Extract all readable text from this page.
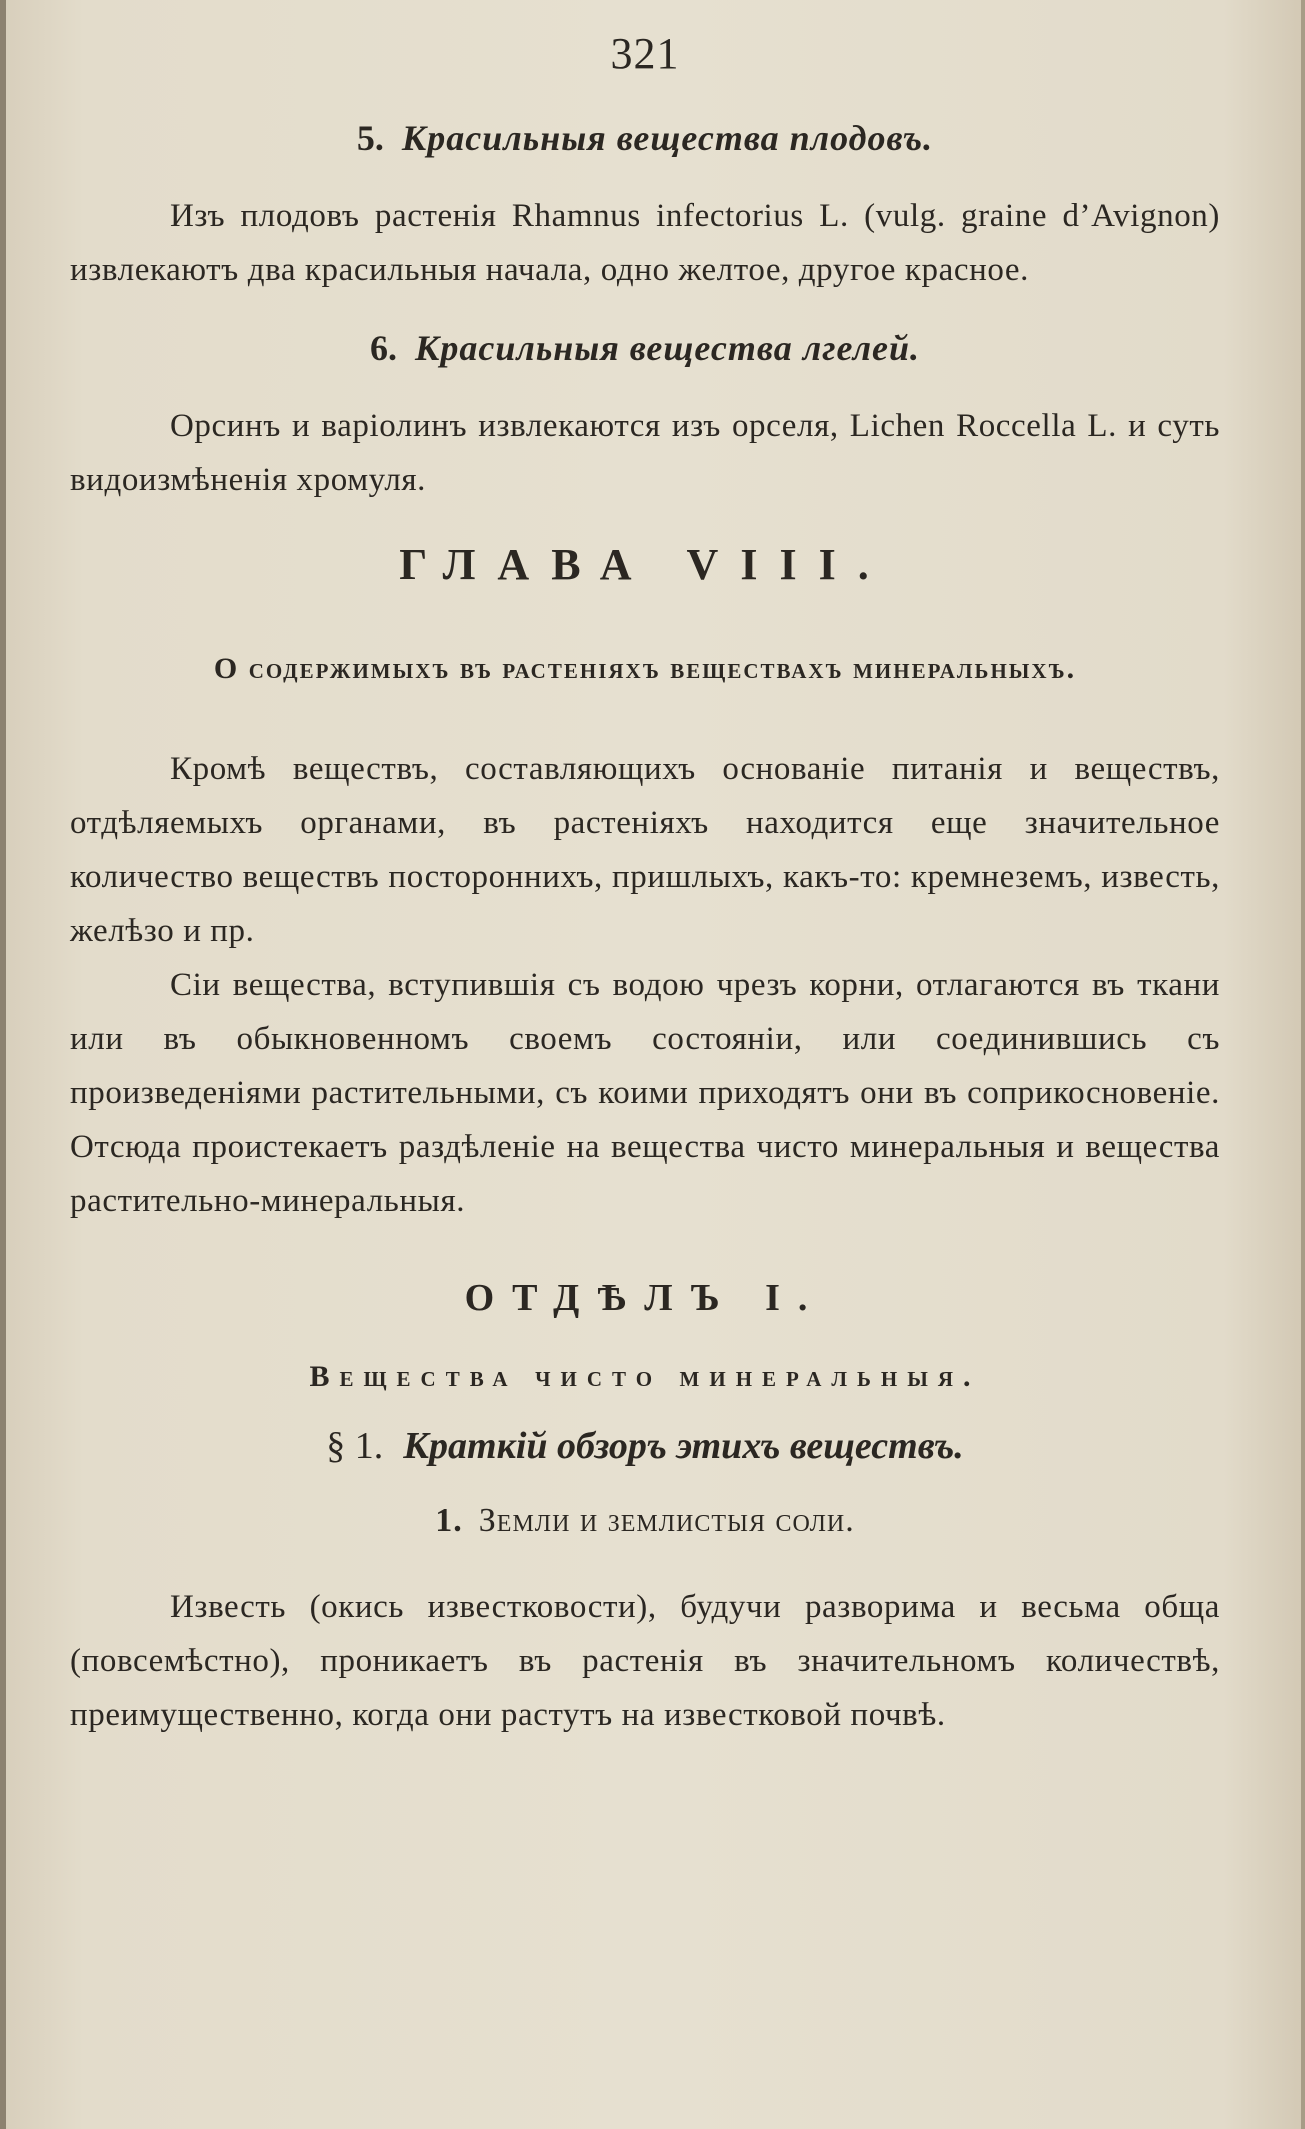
321
5. Красильныя вещества плодовъ.

Изъ плодовъ растенія Rhamnus infectorius L. (vulg. graine d’Avignon) извлекаютъ два красильныя начала, одно желтое, другое красное.

6. Красильныя вещества лгелей.

Орсинъ и варіолинъ извлекаются изъ орселя, Lichen Roccella L. и суть видоизмѣненія хромуля.

ГЛАВА VIII.
О содержимыхъ въ растеніяхъ веществахъ минеральныхъ.

Кромѣ веществъ, составляющихъ основаніе питанія и веществъ, отдѣляемыхъ органами, въ растеніяхъ находится еще значительное количество веществъ постороннихъ, пришлыхъ, какъ-то: кремнеземъ, известь, желѣзо и пр.

Сіи вещества, вступившія съ водою чрезъ корни, отлагаются въ ткани или въ обыкновенномъ своемъ состояніи, или соединившись съ произведеніями растительными, съ коими приходятъ они въ соприкосновеніе. Отсюда проистекаетъ раздѣленіе на вещества чисто минеральныя и вещества растительно-минеральныя.

ОТДѢЛЪ I.
Вещества чисто минеральныя.
§ 1. Краткій обзоръ этихъ веществъ.
1. Земли и землистыя соли.

Известь (окись известковости), будучи разворима и весьма обща (повсемѣстно), проникаетъ въ растенія въ значительномъ количествѣ, преимущественно, когда они растутъ на известковой почвѣ.
